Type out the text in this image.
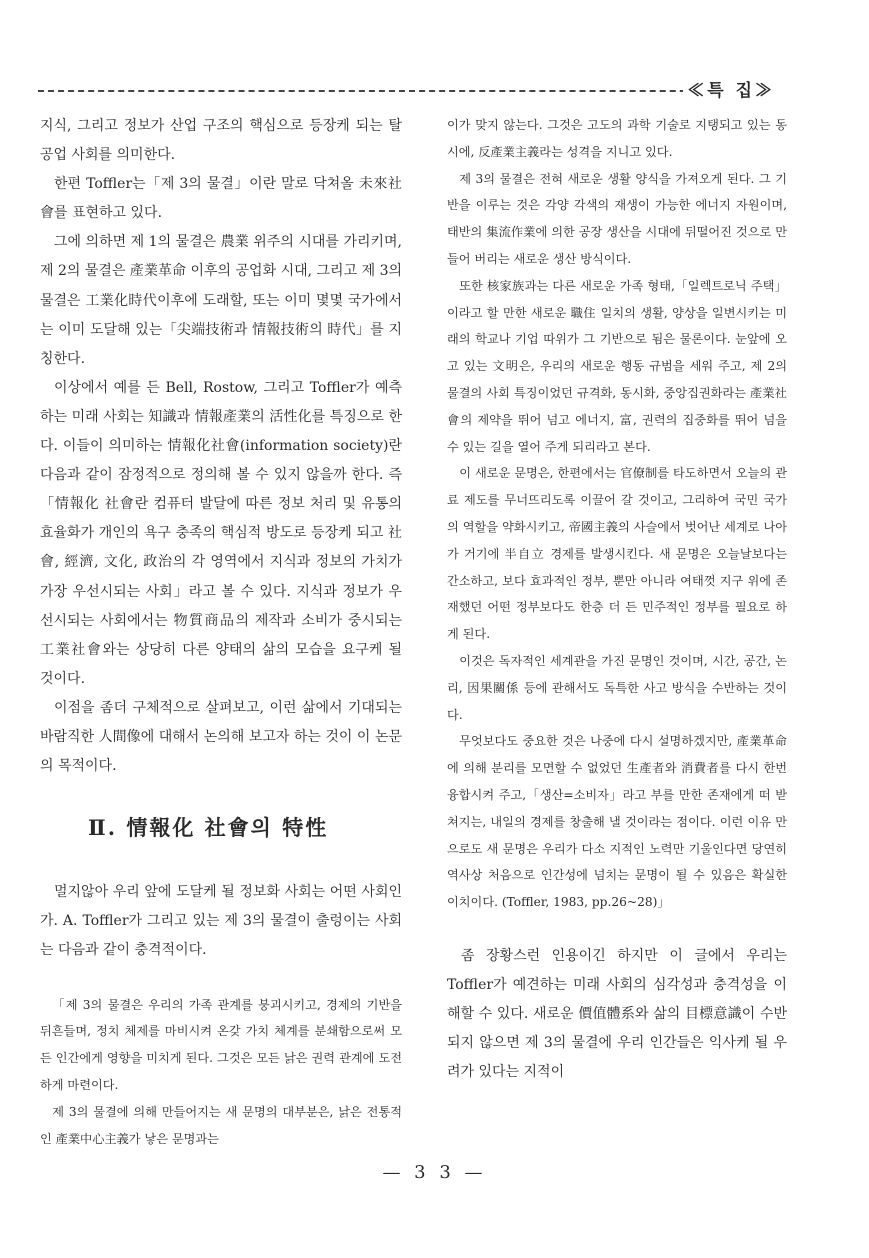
≪특 집≫

지식, 그리고 정보가 산업 구조의 핵심으로 등장케 되는 탈공업 사회를 의미한다.

한편 Toffler는「제 3의 물결」이란 말로 닥쳐올 未來社會를 표현하고 있다.

그에 의하면 제 1의 물결은 農業 위주의 시대를 가리키며, 제 2의 물결은 產業革命 이후의 공업화 시대, 그리고 제 3의 물결은 工業化時代이후에 도래할, 또는 이미 몇몇 국가에서는 이미 도달해 있는「尖端技術과 情報技術의 時代」를 지칭한다.

이상에서 예를 든 Bell, Rostow, 그리고 Toffler가 예측하는 미래 사회는 知識과 情報產業의 活性化를 특징으로 한다. 이들이 의미하는 情報化社會(information society)란 다음과 같이 잠정적으로 정의해 볼 수 있지 않을까 한다. 즉「情報化 社會란 컴퓨터 발달에 따른 정보 처리 및 유통의 효율화가 개인의 욕구 충족의 핵심적 방도로 등장케 되고 社會, 經濟, 文化, 政治의 각 영역에서 지식과 정보의 가치가 가장 우선시되는 사회」라고 볼 수 있다. 지식과 정보가 우선시되는 사회에서는 物質商品의 제작과 소비가 중시되는 工業社會와는 상당히 다른 양태의 삶의 모습을 요구케 될 것이다.

이점을 좀더 구체적으로 살펴보고, 이런 삶에서 기대되는 바람직한 人間像에 대해서 논의해 보고자 하는 것이 이 논문의 목적이다.

Ⅱ. 情報化 社會의 特性

멀지않아 우리 앞에 도달케 될 정보화 사회는 어떤 사회인가. A. Toffler가 그리고 있는 제 3의 물결이 출렁이는 사회는 다음과 같이 충격적이다.

「제 3의 물결은 우리의 가족 관계를 붕괴시키고, 경제의 기반을 뒤흔들며, 정치 체제를 마비시켜 온갖 가치 체계를 분쇄함으로써 모든 인간에게 영향을 미치게 된다. 그것은 모든 낡은 권력 관계에 도전하게 마련이다.

제 3의 물결에 의해 만들어지는 새 문명의 대부분은, 낡은 전통적인 產業中心主義가 낳은 문명과는

이가 맞지 않는다. 그것은 고도의 과학 기술로 지탱되고 있는 동시에, 反產業主義라는 성격을 지니고 있다.

제 3의 물결은 전혀 새로운 생활 양식을 가져오게 된다. 그 기반을 이루는 것은 각양 각색의 재생이 가능한 에너지 자원이며, 태반의 集流作業에 의한 공장 생산을 시대에 뒤떨어진 것으로 만들어 버리는 새로운 생산 방식이다.

또한 核家族과는 다른 새로운 가족 형태,「일렉트로닉 주택」이라고 할 만한 새로운 職住 일치의 생활, 양상을 일변시키는 미래의 학교나 기업 따위가 그 기반으로 됨은 물론이다. 눈앞에 오고 있는 文明은, 우리의 새로운 행동 규범을 세워 주고, 제 2의 물결의 사회 특징이었던 규격화, 동시화, 중앙집권화라는 產業社會의 제약을 뛰어 넘고 에너지, 富, 권력의 집중화를 뛰어 넘을 수 있는 길을 열어 주게 되리라고 본다.

이 새로운 문명은, 한편에서는 官僚制를 타도하면서 오늘의 관료 제도를 무너뜨리도록 이끌어 갈 것이고, 그리하여 국민 국가의 역할을 약화시키고, 帝國主義의 사슬에서 벗어난 세계로 나아가 거기에 半自立 경제를 발생시킨다. 새 문명은 오늘날보다는 간소하고, 보다 효과적인 정부, 뿐만 아니라 여태껏 지구 위에 존재했던 어떤 정부보다도 한층 더 든 민주적인 정부를 필요로 하게 된다.

이것은 독자적인 세계관을 가진 문명인 것이며, 시간, 공간, 논리, 因果關係 등에 관해서도 독특한 사고 방식을 수반하는 것이다.

무엇보다도 중요한 것은 나중에 다시 설명하겠지만, 產業革命에 의해 분리를 모면할 수 없었던 生產者와 消費者를 다시 한번 융합시켜 주고,「생산=소비자」라고 부를 만한 존재에게 떠 받쳐지는, 내일의 경제를 창출해 낼 것이라는 점이다. 이런 이유 만으로도 새 문명은 우리가 다소 지적인 노력만 기울인다면 당연히 역사상 처음으로 인간성에 넘치는 문명이 될 수 있음은 확실한 이치이다. (Toffler, 1983, pp.26~28)」

좀 장황스런 인용이긴 하지만 이 글에서 우리는 Toffler가 예견하는 미래 사회의 심각성과 충격성을 이해할 수 있다. 새로운 價值體系와 삶의 目標意識이 수반되지 않으면 제 3의 물결에 우리 인간들은 익사케 될 우려가 있다는 지적이

— 3 3 —
